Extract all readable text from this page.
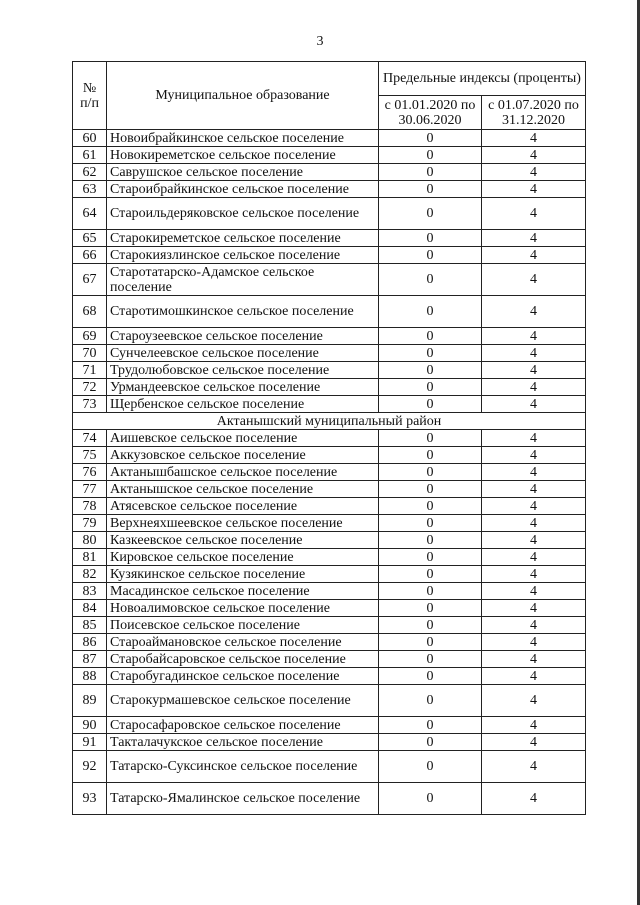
3
№ п/п	Муниципальное образование	Предельные индексы (проценты)	
		с 01.01.2020 по 30.06.2020	с 01.07.2020 по 31.12.2020
60	Новоибрайкинское сельское поселение	0	4
61	Новокиреметское сельское поселение	0	4
62	Саврушское сельское поселение	0	4
63	Староибрайкинское сельское поселение	0	4
64	Староильдеряковское сельское поселение	0	4
65	Старокиреметское сельское поселение	0	4
66	Старокиязлинское сельское поселение	0	4
67	Старотатарско-Адамское сельское поселение	0	4
68	Старотимошкинское сельское поселение	0	4
69	Староузеевское сельское поселение	0	4
70	Сунчелеевское сельское поселение	0	4
71	Трудолюбовское сельское поселение	0	4
72	Урмандеевское сельское поселение	0	4
73	Щербенское сельское поселение	0	4
Актанышский муниципальный район			
74	Аишевское сельское поселение	0	4
75	Аккузовское сельское поселение	0	4
76	Актанышбашское сельское поселение	0	4
77	Актанышское сельское поселение	0	4
78	Атясевское сельское поселение	0	4
79	Верхнеяхшеевское сельское поселение	0	4
80	Казкеевское сельское поселение	0	4
81	Кировское сельское поселение	0	4
82	Кузякинское сельское поселение	0	4
83	Масадинское сельское поселение	0	4
84	Новоалимовское сельское поселение	0	4
85	Поисевское сельское поселение	0	4
86	Староаймановское сельское поселение	0	4
87	Старобайсаровское сельское поселение	0	4
88	Старобугадинское сельское поселение	0	4
89	Старокурмашевское сельское поселение	0	4
90	Старосафаровское сельское поселение	0	4
91	Такталачукское сельское поселение	0	4
92	Татарско-Суксинское сельское поселение	0	4
93	Татарско-Ямалинское сельское поселение	0	4
